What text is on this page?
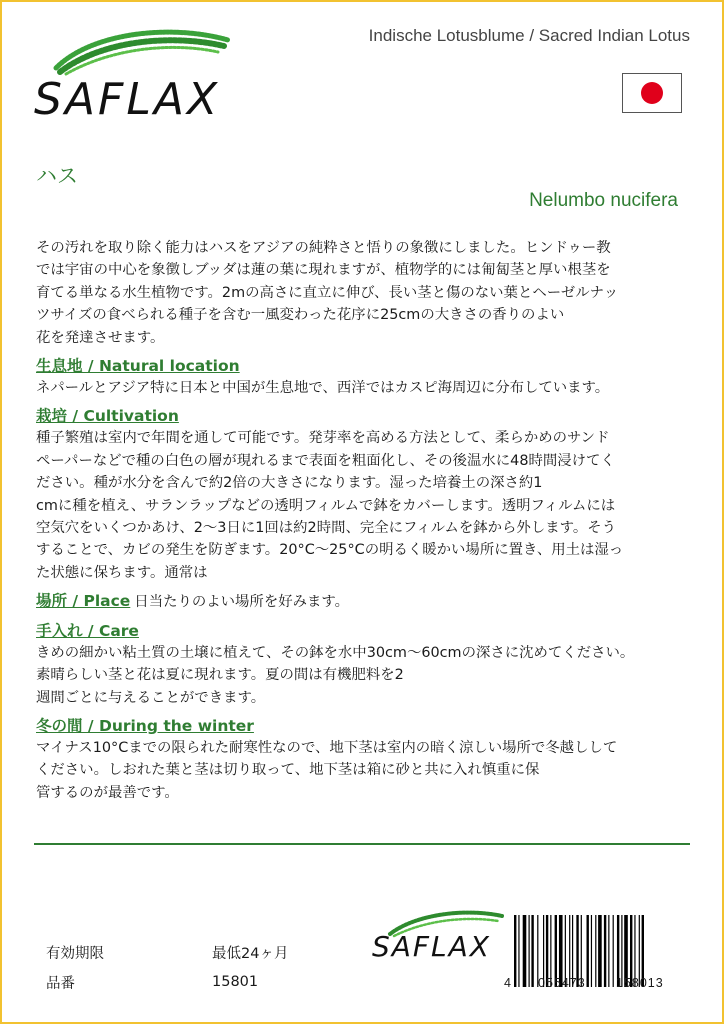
SAFLAX
Indische Lotusblume / Sacred Indian Lotus
ハス
Nelumbo nucifera

その汚れを取り除く能力はハスをアジアの純粋さと悟りの象徴にしました。ヒンドゥー教

では宇宙の中心を象徴しブッダは蓮の葉に現れますが、植物学的には匍匐茎と厚い根茎を

育てる単なる水生植物です。2mの高さに直立に伸び、長い茎と傷のない葉とヘーゼルナッ

ツサイズの食べられる種子を含む一風変わった花序に25cmの大きさの香りのよい

花を発達させます。

生息地 / Natural location

ネパールとアジア特に日本と中国が生息地で、西洋ではカスピ海周辺に分布しています。

栽培 / Cultivation

種子繁殖は室内で年間を通して可能です。発芽率を高める方法として、柔らかめのサンド

ペーパーなどで種の白色の層が現れるまで表面を粗面化し、その後温水に48時間浸けてく

ださい。種が水分を含んで約2倍の大きさになります。湿った培養土の深さ約1

cmに種を植え、サランラップなどの透明フィルムで鉢をカバーします。透明フィルムには

空気穴をいくつかあけ、2～3日に1回は約2時間、完全にフィルムを鉢から外します。そう

することで、カビの発生を防ぎます。20°C～25°Cの明るく暖かい場所に置き、用土は湿っ

た状態に保ちます。通常は

場所 / Place 日当たりのよい場所を好みます。

手入れ / Care

きめの細かい粘土質の土壌に植えて、その鉢を水中30cm～60cmの深さに沈めてください。

素晴らしい茎と花は夏に現れます。夏の間は有機肥料を2

週間ごとに与えることができます。

冬の間 / During the winter

マイナス10°Cまでの限られた耐寒性なので、地下茎は室内の暗く涼しい場所で冬越しして

ください。しおれた葉と茎は切り取って、地下茎は箱に砂と共に入れ慎重に保

管するのが最善です。

有効期限	最低24ヶ月
品番	15801
SAFLAX
4 055473 158013
